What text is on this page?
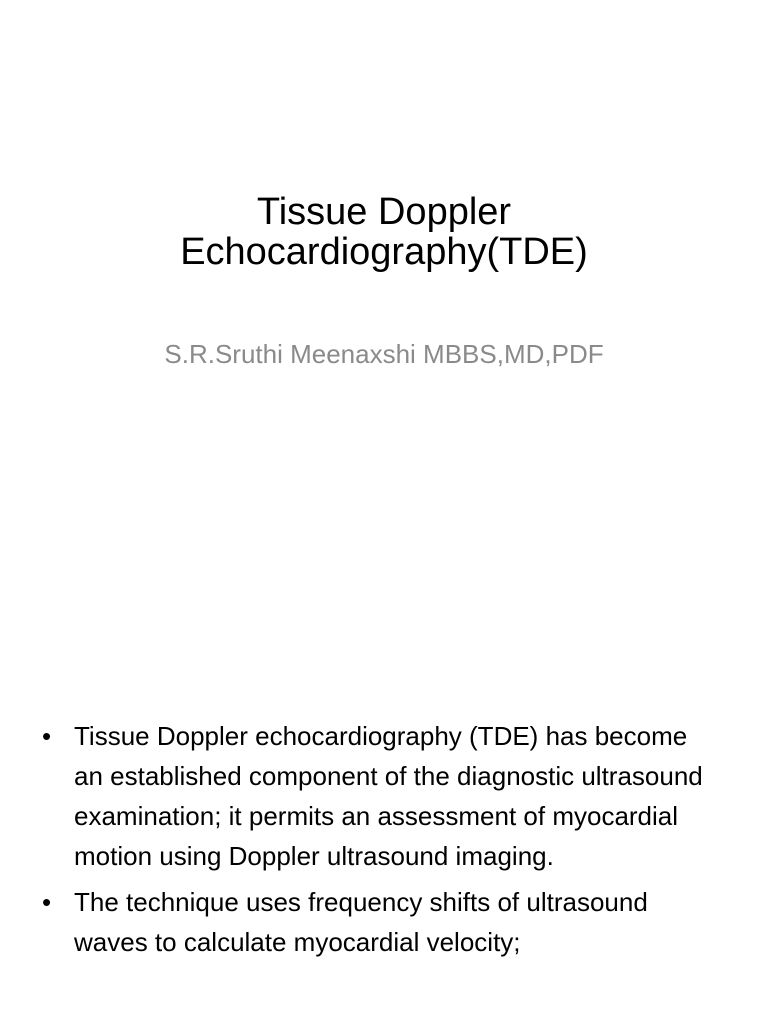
Tissue Doppler
Echocardiography(TDE)
S.R.Sruthi Meenaxshi MBBS,MD,PDF
• Tissue Doppler echocardiography (TDE) has become an established component of the diagnostic ultrasound examination; it permits an assessment of myocardial motion using Doppler ultrasound imaging.
• The technique uses frequency shifts of ultrasound waves to calculate myocardial velocity;
